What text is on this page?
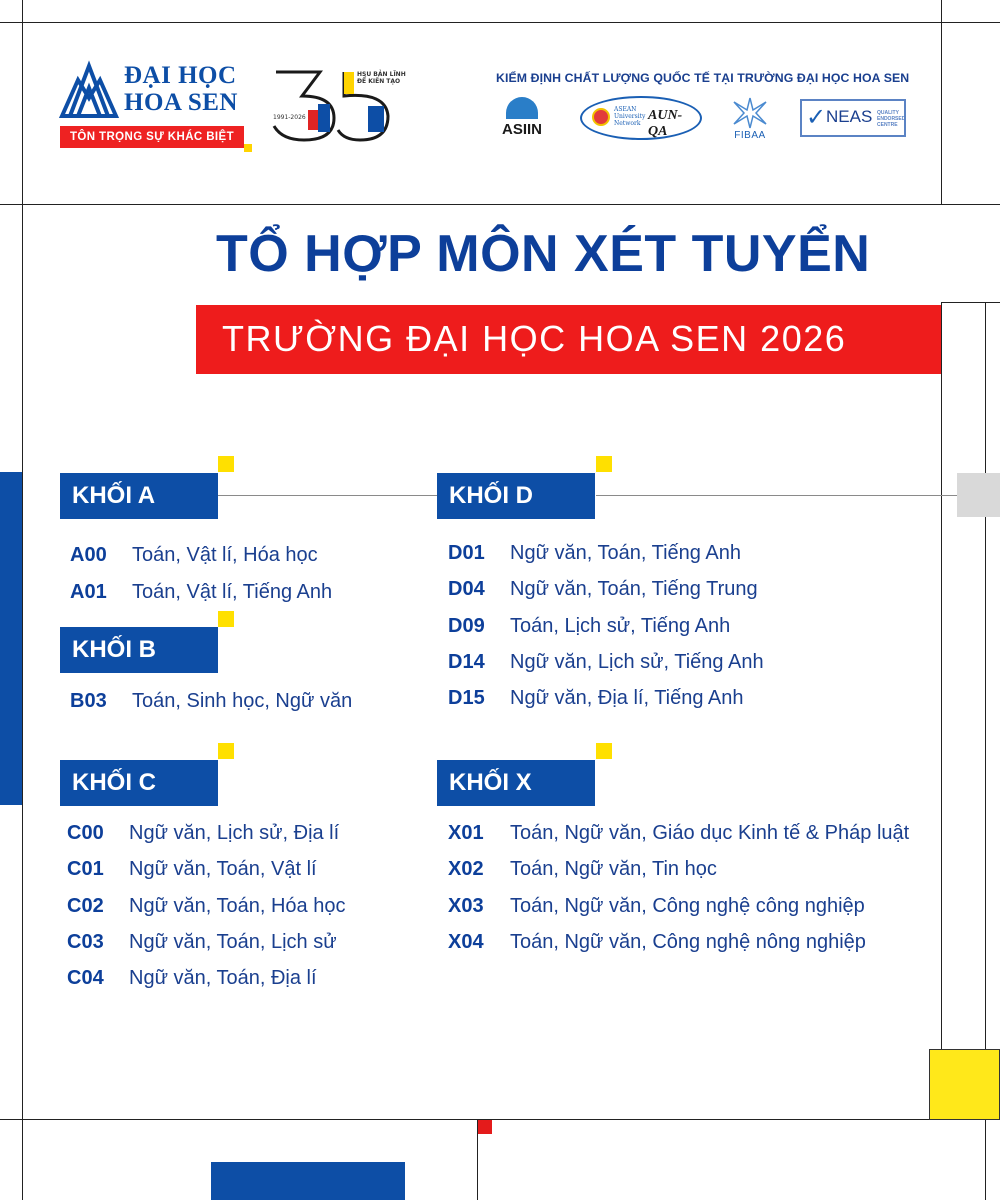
ĐẠI HỌC
HOA SEN
TÔN TRỌNG SỰ KHÁC BIỆT
1991-2026
HSU BẢN LĨNH
ĐỂ KIẾN TẠO	KIỂM ĐỊNH CHẤT LƯỢNG QUỐC TẾ TẠI TRƯỜNG ĐẠI HỌC HOA SEN
ASIIN
ASEAN
University
Network
AUN-QA	FIBAA
✓ NEAS QUALITY
ENDORSED
CENTRE
TỔ HỢP MÔN XÉT TUYỂN
TRƯỜNG ĐẠI HỌC HOA SEN 2026
KHỐI A
A00 Toán, Vật lí, Hóa học
A01 Toán, Vật lí, Tiếng Anh
KHỐI B
B03 Toán, Sinh học, Ngữ văn
KHỐI C
C00 Ngữ văn, Lịch sử, Địa lí
C01 Ngữ văn, Toán, Vật lí
C02 Ngữ văn, Toán, Hóa học
C03 Ngữ văn, Toán, Lịch sử
C04 Ngữ văn, Toán, Địa lí
KHỐI D
D01 Ngữ văn, Toán, Tiếng Anh
D04 Ngữ văn, Toán, Tiếng Trung
D09 Toán, Lịch sử, Tiếng Anh
D14 Ngữ văn, Lịch sử, Tiếng Anh
D15 Ngữ văn, Địa lí, Tiếng Anh
KHỐI X
X01 Toán, Ngữ văn, Giáo dục Kinh tế & Pháp luật
X02 Toán, Ngữ văn, Tin học
X03 Toán, Ngữ văn, Công nghệ công nghiệp
X04 Toán, Ngữ văn, Công nghệ nông nghiệp
